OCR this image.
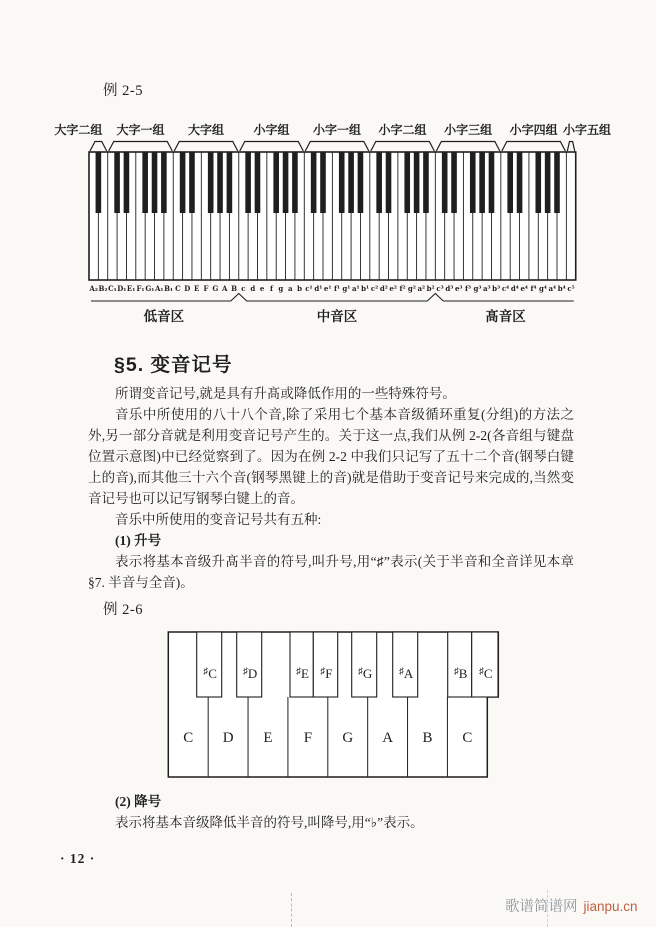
例 2-5
大字二组 大字一组 大字组 小字组 小字一组 小字二组 小字三组 小字四组 小字五组
A₂ B₂ C₁ D₁ E₁ F₁ G₁ A₁ B₁ C D E F G A B c d e f g a b c¹ d¹ e¹ f¹ g¹ a¹ b¹ c² d² e² f² g² a² b² c³ d³ e³ f³ g³ a³ b³ c⁴ d⁴ e⁴ f⁴ g⁴ a⁴ b⁴ c⁵
低音区	中音区	髙音区
§5. 变音记号

所谓变音记号,就是具有升髙或降低作用的一些特殊符号。

音乐中所使用的八十八个音,除了采用七个基本音级循环重复(分组)的方法之外,另一部分音就是利用变音记号产生的。关于这一点,我们从例 2-2(各音组与键盘位置示意图)中已经觉察到了。因为在例 2-2 中我们只记写了五十二个音(钢琴白键上的音),而其他三十六个音(钢琴黑键上的音)就是借助于变音记号来完成的,当然变音记号也可以记写钢琴白键上的音。

音乐中所使用的变音记号共有五种:

(1) 升号

表示将基本音级升髙半音的符号,叫升号,用“♯”表示(关于半音和全音详见本章§7. 半音与全音)。

例 2-6
♯C	♯D	♯E ♯F	♯G	♯A	♯B ♯C
C D E F G A B C

(2) 降号

表示将基本音级降低半音的符号,叫降号,用“♭”表示。

· 12 ·
歌谱简谱网 jianpu.cn
